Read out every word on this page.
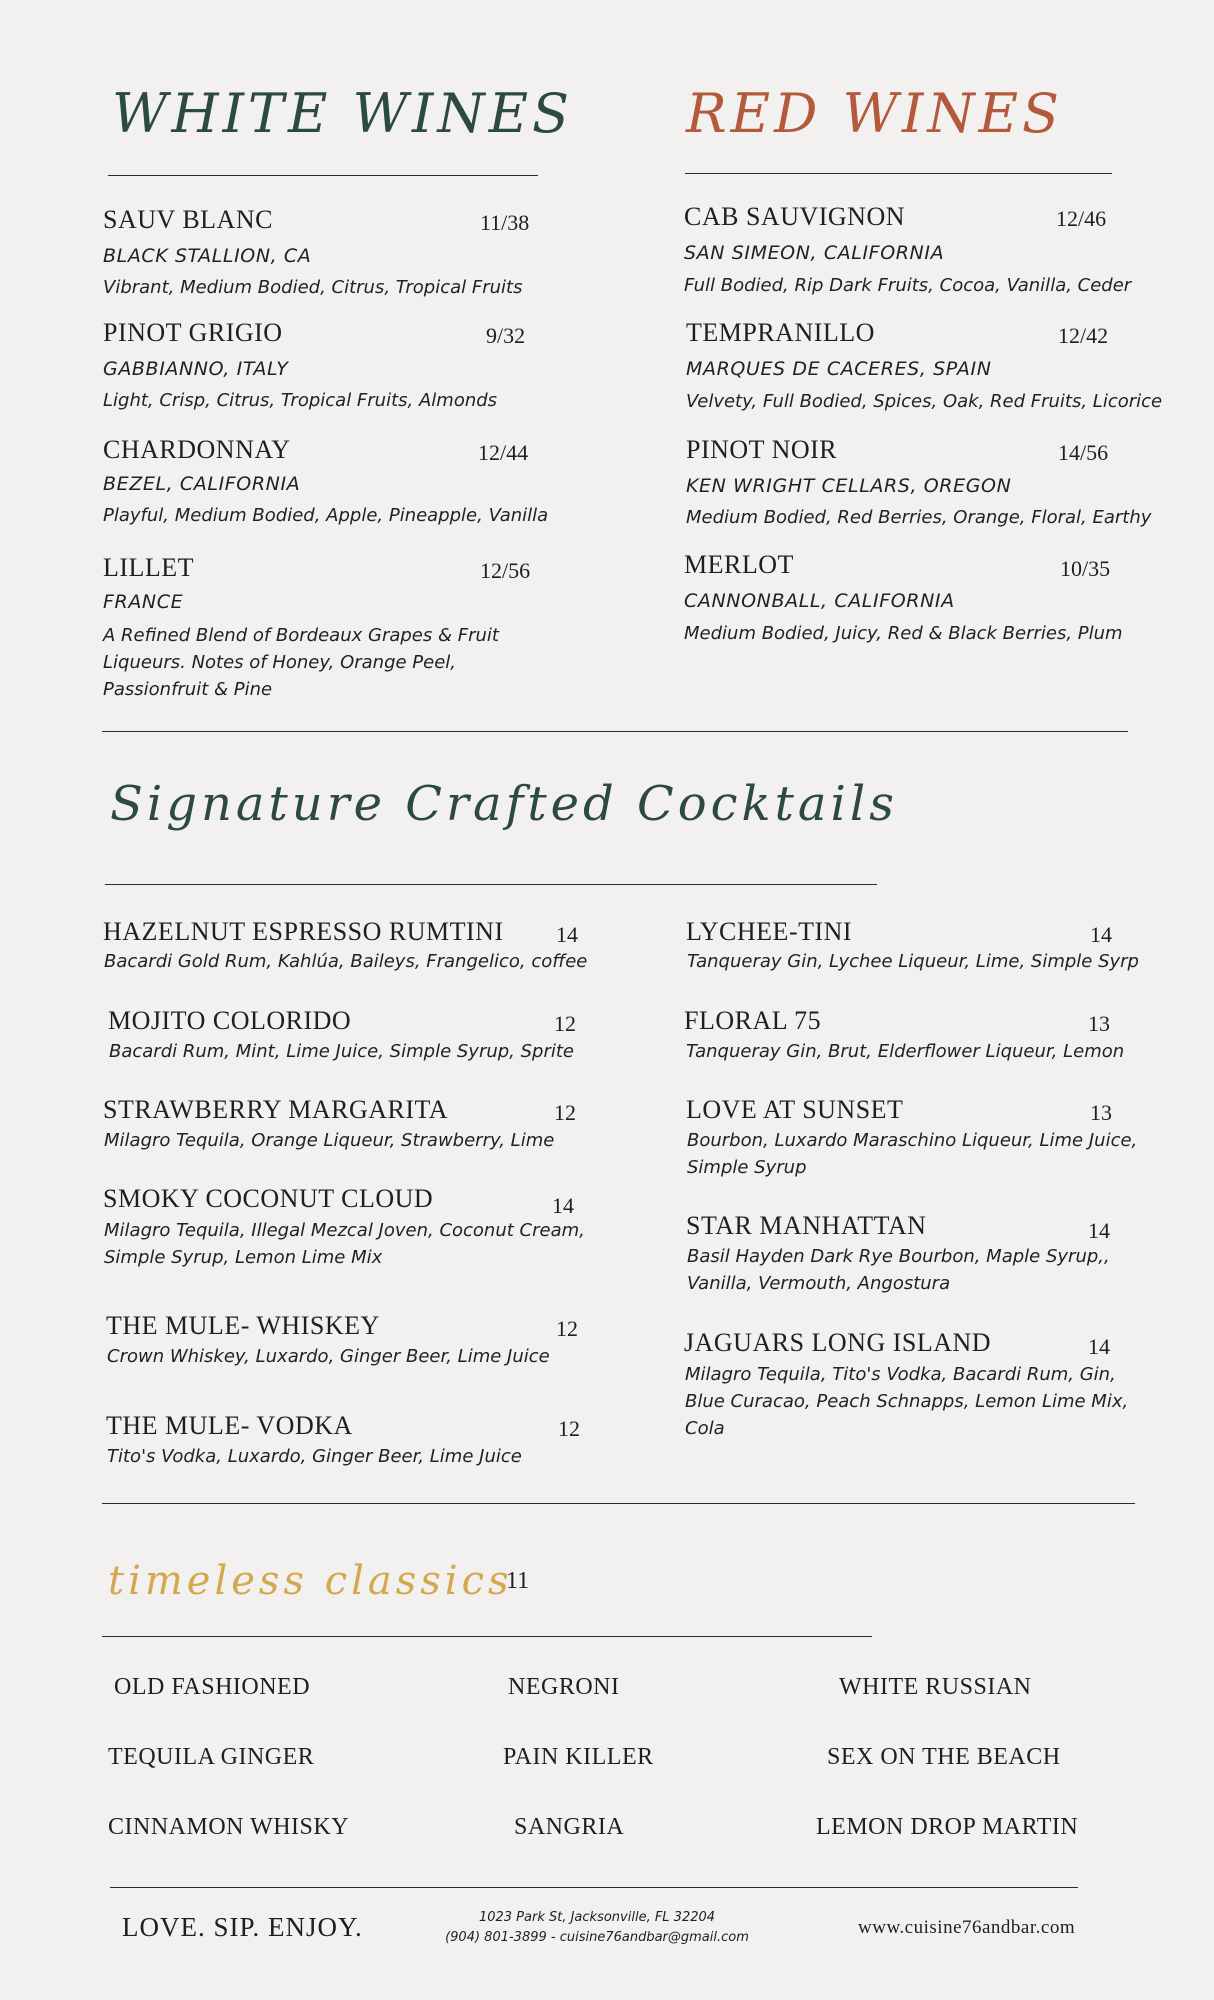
WHITE WINES RED WINES
SAUV BLANC	11/38
BLACK STALLION, CA
Vibrant, Medium Bodied, Citrus, Tropical Fruits
PINOT GRIGIO	9/32
GABBIANNO, ITALY
Light, Crisp, Citrus, Tropical Fruits, Almonds
CHARDONNAY	12/44
BEZEL, CALIFORNIA
Playful, Medium Bodied, Apple, Pineapple, Vanilla
LILLET	12/56
FRANCE
A Refined Blend of Bordeaux Grapes & Fruit Liqueurs. Notes of Honey, Orange Peel, Passionfruit & Pine
CAB SAUVIGNON	12/46
SAN SIMEON, CALIFORNIA
Full Bodied, Rip Dark Fruits, Cocoa, Vanilla, Ceder
TEMPRANILLO	12/42
MARQUES DE CACERES, SPAIN
Velvety, Full Bodied, Spices, Oak, Red Fruits, Licorice
PINOT NOIR	14/56
KEN WRIGHT CELLARS, OREGON
Medium Bodied, Red Berries, Orange, Floral, Earthy
MERLOT	10/35
CANNONBALL, CALIFORNIA
Medium Bodied, Juicy, Red & Black Berries, Plum
Signature Crafted Cocktails
HAZELNUT ESPRESSO RUMTINI 14
Bacardi Gold Rum, Kahlúa, Baileys, Frangelico, coffee
MOJITO COLORIDO	12
Bacardi Rum, Mint, Lime Juice, Simple Syrup, Sprite
STRAWBERRY MARGARITA	12
Milagro Tequila, Orange Liqueur, Strawberry, Lime
SMOKY COCONUT CLOUD	14
Milagro Tequila, Illegal Mezcal Joven, Coconut Cream, Simple Syrup, Lemon Lime Mix
THE MULE- WHISKEY	12
Crown Whiskey, Luxardo, Ginger Beer, Lime Juice
THE MULE- VODKA	12
Tito's Vodka, Luxardo, Ginger Beer, Lime Juice
LYCHEE-TINI	14
Tanqueray Gin, Lychee Liqueur, Lime, Simple Syrp
FLORAL 75	13
Tanqueray Gin, Brut, Elderflower Liqueur, Lemon
LOVE AT SUNSET	13
Bourbon, Luxardo Maraschino Liqueur, Lime Juice, Simple Syrup
STAR MANHATTAN	14
Basil Hayden Dark Rye Bourbon, Maple Syrup,, Vanilla, Vermouth, Angostura
JAGUARS LONG ISLAND	14
Milagro Tequila, Tito's Vodka, Bacardi Rum, Gin, Blue Curacao, Peach Schnapps, Lemon Lime Mix, Cola
timeless classics
11
OLD FASHIONED	NEGRONI	WHITE RUSSIAN
TEQUILA GINGER	PAIN KILLER	SEX ON THE BEACH
CINNAMON WHISKY	SANGRIA	LEMON DROP MARTIN
LOVE. SIP. ENJOY.	1023 Park St, Jacksonville, FL 32204
(904) 801-3899 - cuisine76andbar@gmail.com	www.cuisine76andbar.com
